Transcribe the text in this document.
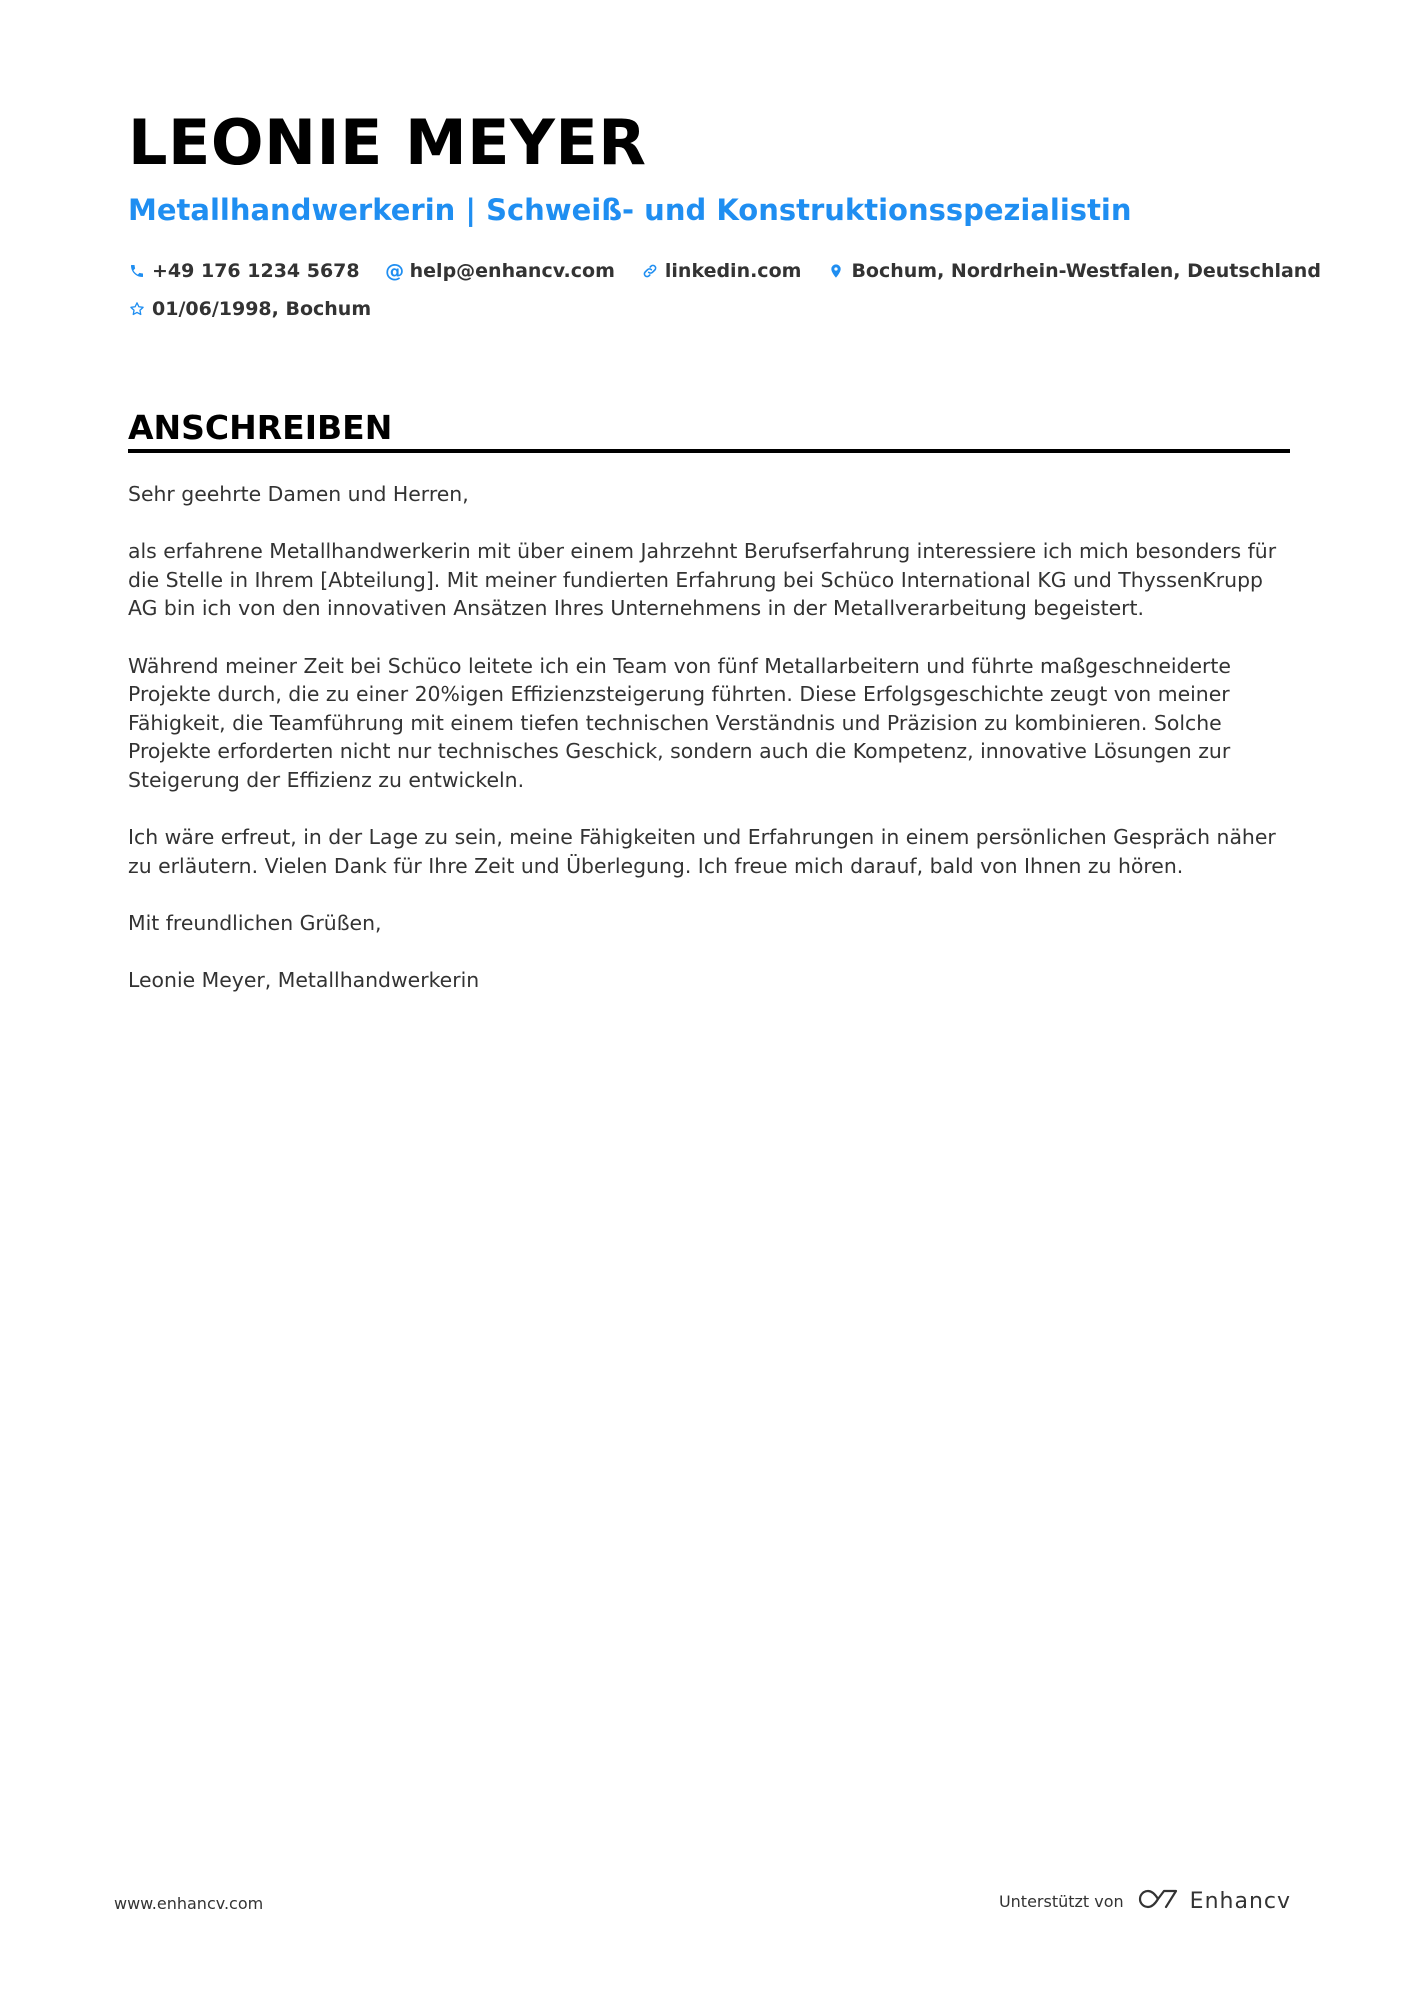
LEONIE MEYER
Metallhandwerkerin | Schweiß- und Konstruktionsspezialistin
+49 176 1234 5678 @ help@enhancv.com	linkedin.com	Bochum, Nordrhein-Westfalen, Deutschland
01/06/1998, Bochum
ANSCHREIBEN

Sehr geehrte Damen und Herren,

als erfahrene Metallhandwerkerin mit über einem Jahrzehnt Berufserfahrung interessiere ich mich besonders für die Stelle in Ihrem [Abteilung]. Mit meiner fundierten Erfahrung bei Schüco International KG und ThyssenKrupp AG bin ich von den innovativen Ansätzen Ihres Unternehmens in der Metallverarbeitung begeistert.

Während meiner Zeit bei Schüco leitete ich ein Team von fünf Metallarbeitern und führte maßgeschneiderte Projekte durch, die zu einer 20%igen Effizienzsteigerung führten. Diese Erfolgsgeschichte zeugt von meiner Fähigkeit, die Teamführung mit einem tiefen technischen Verständnis und Präzision zu kombinieren. Solche Projekte erforderten nicht nur technisches Geschick, sondern auch die Kompetenz, innovative Lösungen zur Steigerung der Effizienz zu entwickeln.

Ich wäre erfreut, in der Lage zu sein, meine Fähigkeiten und Erfahrungen in einem persönlichen Gespräch näher zu erläutern. Vielen Dank für Ihre Zeit und Überlegung. Ich freue mich darauf, bald von Ihnen zu hören.

Mit freundlichen Grüßen,

Leonie Meyer, Metallhandwerkerin

www.enhancv.com	Unterstützt von	Enhancv
